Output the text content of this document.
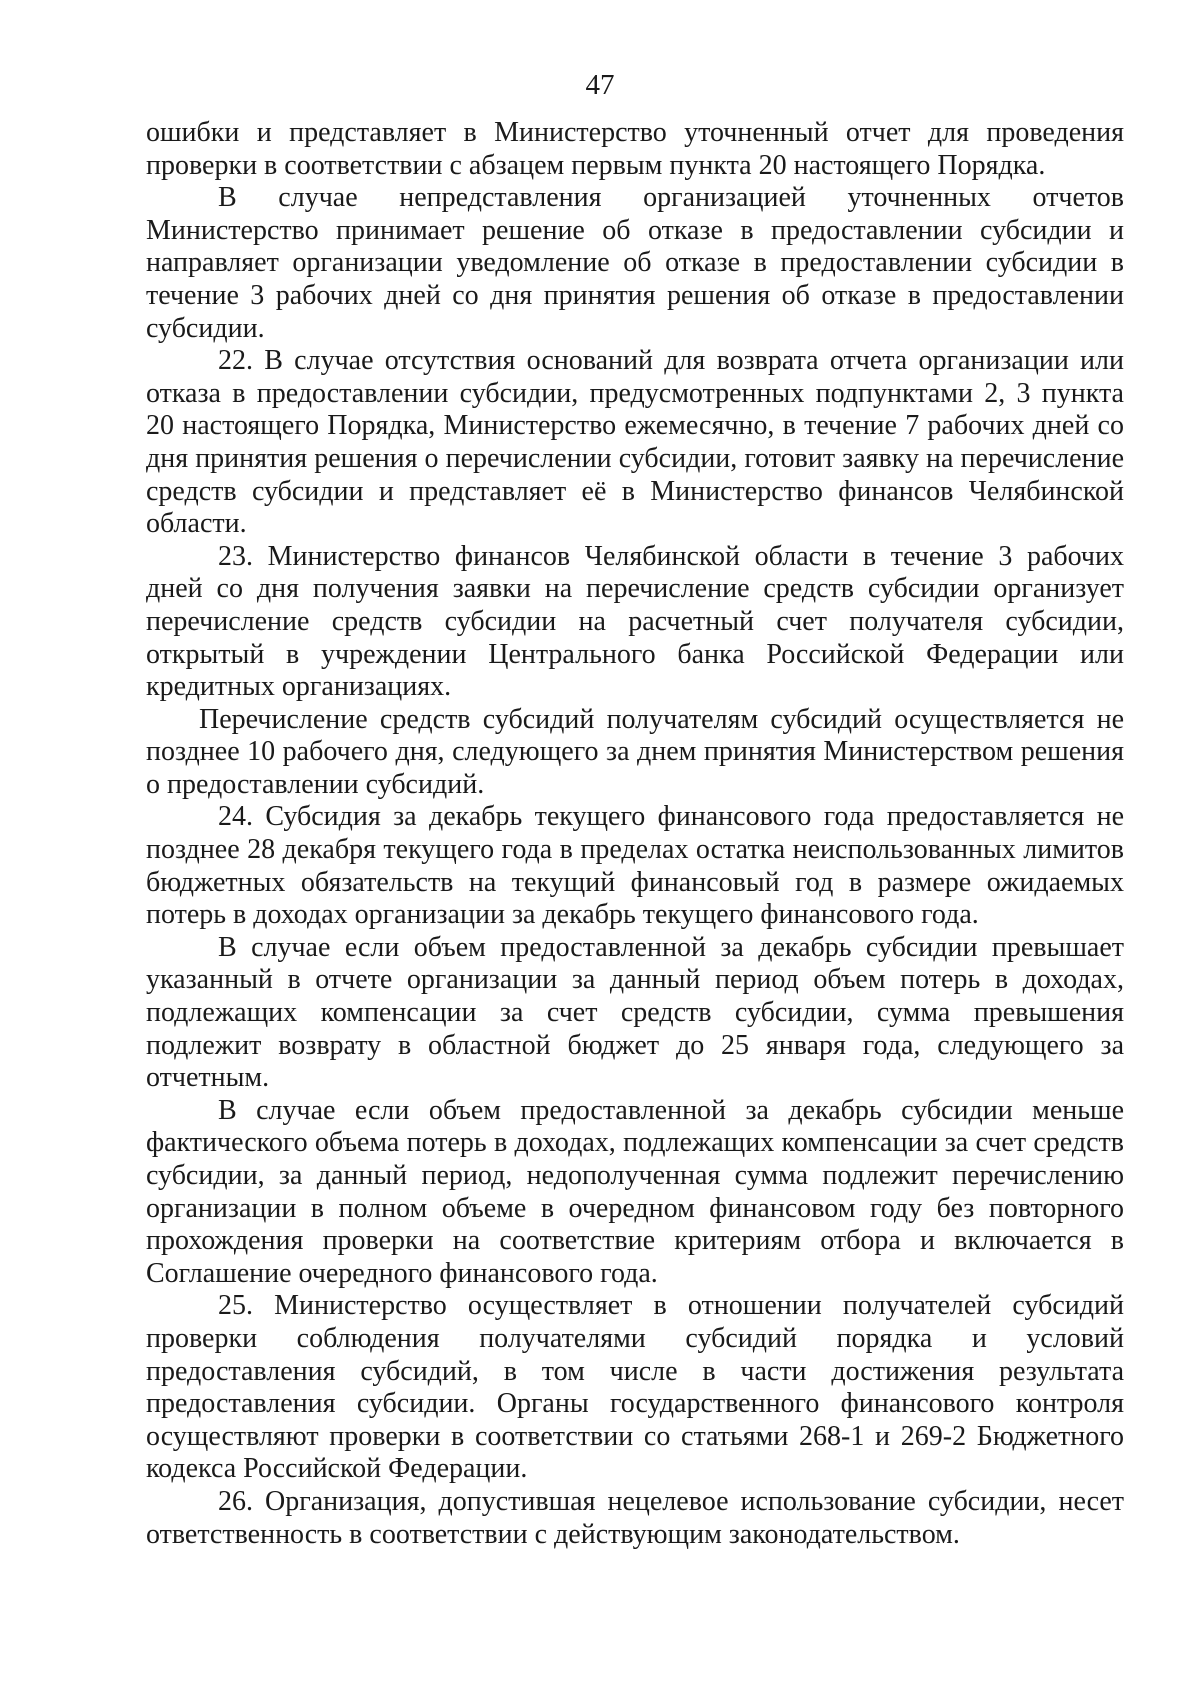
47

ошибки и представляет в Министерство уточненный отчет для проведения проверки в соответствии с абзацем первым пункта 20 настоящего Порядка.

В случае непредставления организацией уточненных отчетов Министерство принимает решение об отказе в предоставлении субсидии и направляет организации уведомление об отказе в предоставлении субсидии в течение 3 рабочих дней со дня принятия решения об отказе в предоставлении субсидии.

22. В случае отсутствия оснований для возврата отчета организации или отказа в предоставлении субсидии, предусмотренных подпунктами 2, 3 пункта 20 настоящего Порядка, Министерство ежемесячно, в течение 7 рабочих дней со дня принятия решения о перечислении субсидии, готовит заявку на перечисление средств субсидии и представляет её в Министерство финансов Челябинской области.

23. Министерство финансов Челябинской области в течение 3 рабочих дней со дня получения заявки на перечисление средств субсидии организует перечисление средств субсидии на расчетный счет получателя субсидии, открытый в учреждении Центрального банка Российской Федерации или кредитных организациях.

Перечисление средств субсидий получателям субсидий осуществляется не позднее 10 рабочего дня, следующего за днем принятия Министерством решения о предоставлении субсидий.

24. Субсидия за декабрь текущего финансового года предоставляется не позднее 28 декабря текущего года в пределах остатка неиспользованных лимитов бюджетных обязательств на текущий финансовый год в размере ожидаемых потерь в доходах организации за декабрь текущего финансового года.

В случае если объем предоставленной за декабрь субсидии превышает указанный в отчете организации за данный период объем потерь в доходах, подлежащих компенсации за счет средств субсидии, сумма превышения подлежит возврату в областной бюджет до 25 января года, следующего за отчетным.

В случае если объем предоставленной за декабрь субсидии меньше фактического объема потерь в доходах, подлежащих компенсации за счет средств субсидии, за данный период, недополученная сумма подлежит перечислению организации в полном объеме в очередном финансовом году без повторного прохождения проверки на соответствие критериям отбора и включается в Соглашение очередного финансового года.

25. Министерство осуществляет в отношении получателей субсидий проверки соблюдения получателями субсидий порядка и условий предоставления субсидий, в том числе в части достижения результата предоставления субсидии. Органы государственного финансового контроля осуществляют проверки в соответствии со статьями 268-1 и 269-2 Бюджетного кодекса Российской Федерации.

26. Организация, допустившая нецелевое использование субсидии, несет ответственность в соответствии с действующим законодательством.
